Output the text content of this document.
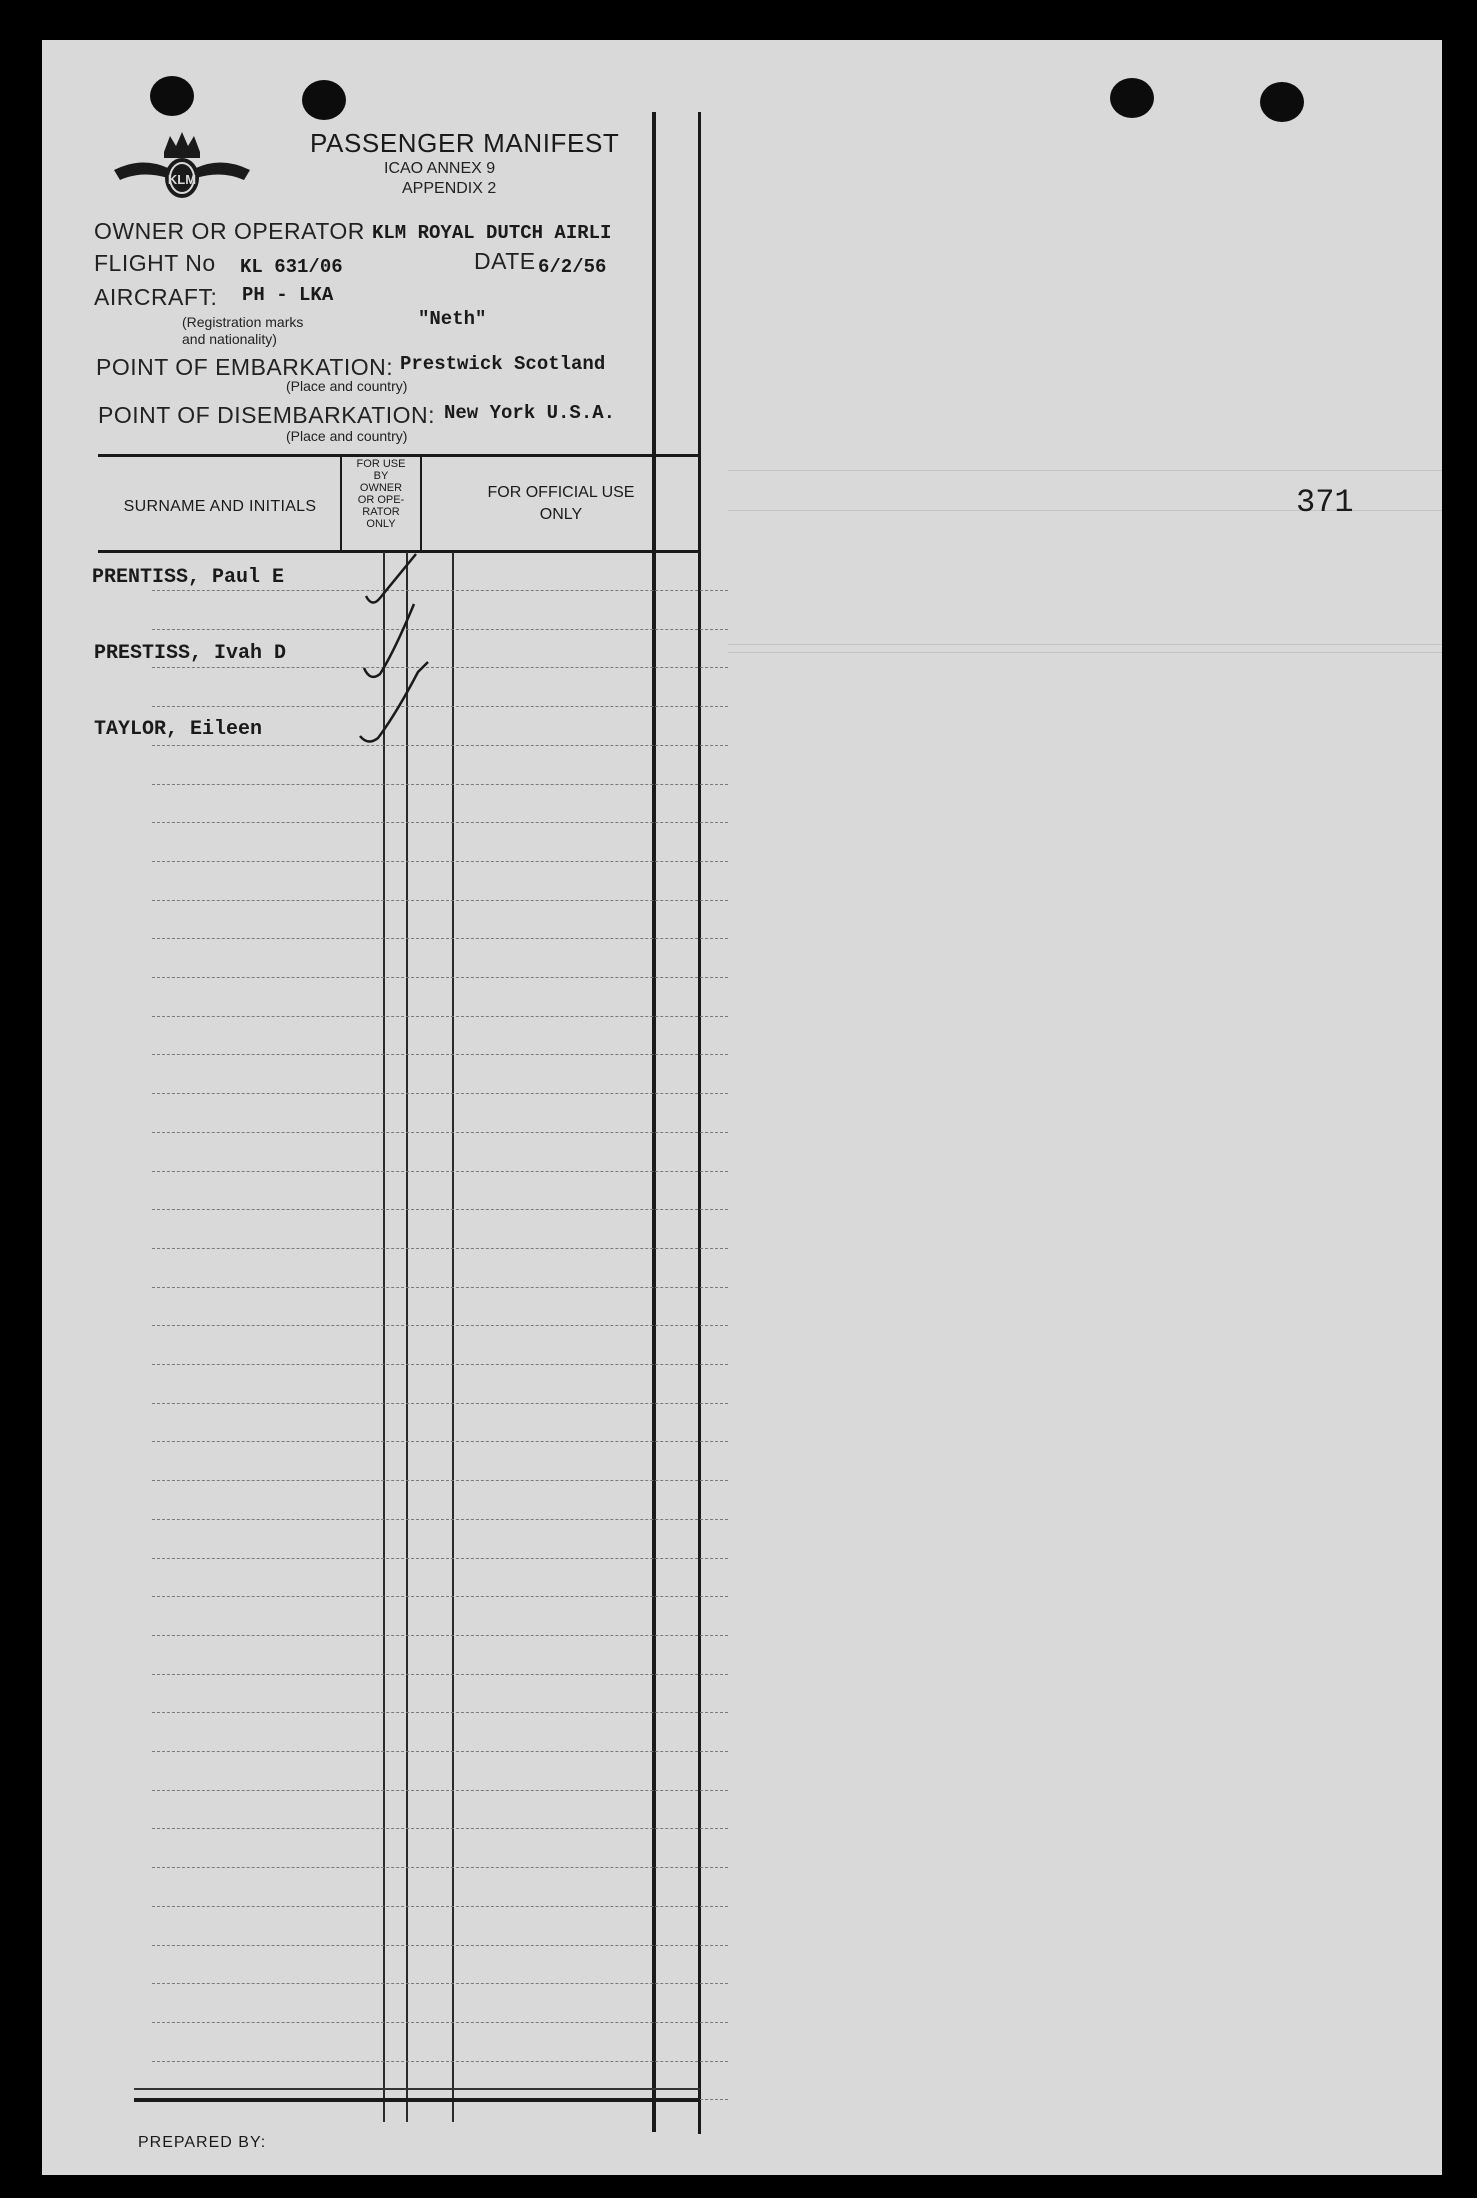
KLM
PASSENGER MANIFEST
ICAO ANNEX 9
APPENDIX 2
OWNER OR OPERATOR KLM ROYAL DUTCH AIRLI
FLIGHT No KL 631/06	DATE 6/2/56
AIRCRAFT: PH - LKA
(Registration marks
and nationality)
"Neth"
POINT OF EMBARKATION: Prestwick Scotland
(Place and country)
POINT OF DISEMBARKATION: New York U.S.A.
(Place and country)
SURNAME AND INITIALS
FOR USE
BY
OWNER
OR OPE-
RATOR
ONLY
FOR OFFICIAL USE
ONLY
PRENTISS, Paul E
PRESTISS, Ivah D
TAYLOR, Eileen
371
PREPARED BY:
